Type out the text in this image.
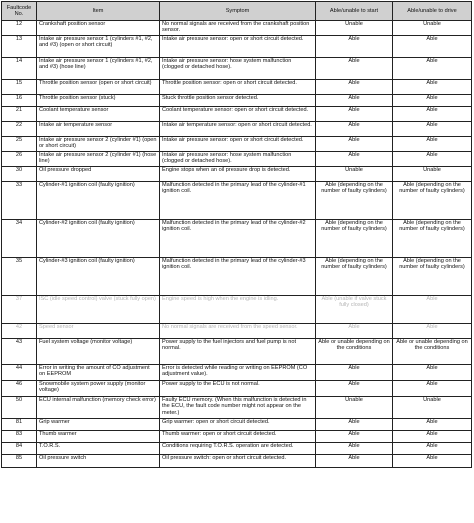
Faultcode No.	Item	Symptom	Able/unable to start	Able/unable to drive
12	Crankshaft position sensor	No normal signals are received from the crankshaft position sensor.	Unable	Unable
13	Intake air pressure sensor 1 (cylinders #1, #2, and #3) (open or short circuit)	Intake air pressure sensor: open or short circuit detected.	Able	Able
14	Intake air pressure sensor 1 (cylinders #1, #2, and #3) (hose line)	Intake air pressure sensor: hose system malfunction (clogged or detached hose).	Able	Able
15	Throttle position sensor (open or short circuit)	Throttle position sensor: open or short circuit detected.	Able	Able
16	Throttle position sensor (stuck)	Stuck throttle position sensor detected.	Able	Able
21	Coolant temperature sensor	Coolant temperature sensor: open or short circuit detected.	Able	Able
22	Intake air temperature sensor	Intake air temperature sensor: open or short circuit detected.	Able	Able
25	Intake air pressure sensor 2 (cylinder #1) (open or short circuit)	Intake air pressure sensor: open or short circuit detected.	Able	Able
26	Intake air pressure sensor 2 (cylinder #1) (hose line)	Intake air pressure sensor: hose system malfunction (clogged or detached hose).	Able	Able
30	Oil pressure dropped	Engine stops when an oil pressure drop is detected.	Unable	Unable
33	Cylinder-#1 ignition coil (faulty ignition)	Malfunction detected in the primary lead of the cylinder-#1 ignition coil.	Able (depending on the number of faulty cylinders)	Able (depending on the number of faulty cylinders)
34	Cylinder-#2 ignition coil (faulty ignition)	Malfunction detected in the primary lead of the cylinder-#2 ignition coil.	Able (depending on the number of faulty cylinders)	Able (depending on the number of faulty cylinders)
35	Cylinder-#3 ignition coil (faulty ignition)	Malfunction detected in the primary lead of the cylinder-#3 ignition coil.	Able (depending on the number of faulty cylinders)	Able (depending on the number of faulty cylinders)
37	ISC (idle speed control) valve (stuck fully open)	Engine speed is high when the engine is idling.	Able (unable if valve stuck fully closed)	Able
42	Speed sensor	No normal signals are received from the speed sensor.	Able	Able
43	Fuel system voltage (monitor voltage)	Power supply to the fuel injectors and fuel pump is not normal.	Able or unable depending on the conditions	Able or unable depending on the conditions
44	Error in writing the amount of CO adjustment on EEPROM	Error is detected while reading or writing on EEPROM (CO adjustment value).	Able	Able
46	Snowmobile system power supply (monitor voltage)	Power supply to the ECU is not normal.	Able	Able
50	ECU internal malfunction (memory check error)	Faulty ECU memory. (When this malfunction is detected in the ECU, the fault code number might not appear on the meter.)	Unable	Unable
81	Grip warmer	Grip warmer: open or short circuit detected.	Able	Able
83	Thumb warmer	Thumb warmer: open or short circuit detected.	Able	Able
84	T.O.R.S.	Conditions requiring T.O.R.S. operation are detected.	Able	Able
85	Oil pressure switch	Oil pressure switch: open or short circuit detected.	Able	Able
